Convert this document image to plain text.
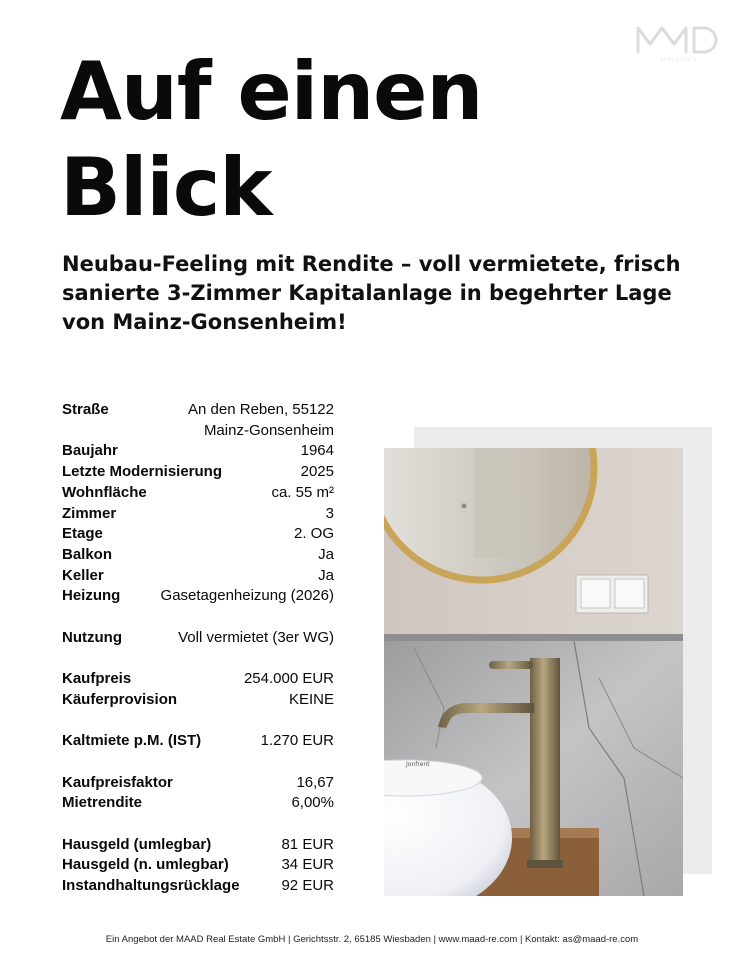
REAL ESTATE
MAAD
Auf einen
Blick

Neubau-Feeling mit Rendite – voll vermietete, frisch sanierte 3-Zimmer Kapitalanlage in begehrter Lage von Mainz-Gonsenheim!

Straße	An den Reben, 55122 Mainz-Gonsenheim
Baujahr	1964
Letzte Modernisierung	2025
Wohnfläche	ca. 55 m²
Zimmer	3
Etage	2. OG
Balkon	Ja
Keller	Ja
Heizung	Gasetagenheizung (2026)
Nutzung	Voll vermietet (3er WG)
Kaufpreis	254.000 EUR
Käuferprovision	KEINE
Kaltmiete p.M. (IST)	1.270 EUR
Kaufpreisfaktor	16,67
Mietrendite	6,00%
Hausgeld (umlegbar)	81 EUR
Hausgeld (n. umlegbar)	34 EUR
Instandhaltungsrücklage	92 EUR
Jonfrent
Ein Angebot der MAAD Real Estate GmbH | Gerichtsstr. 2, 65185 Wiesbaden | www.maad-re.com | Kontakt: as@maad-re.com
